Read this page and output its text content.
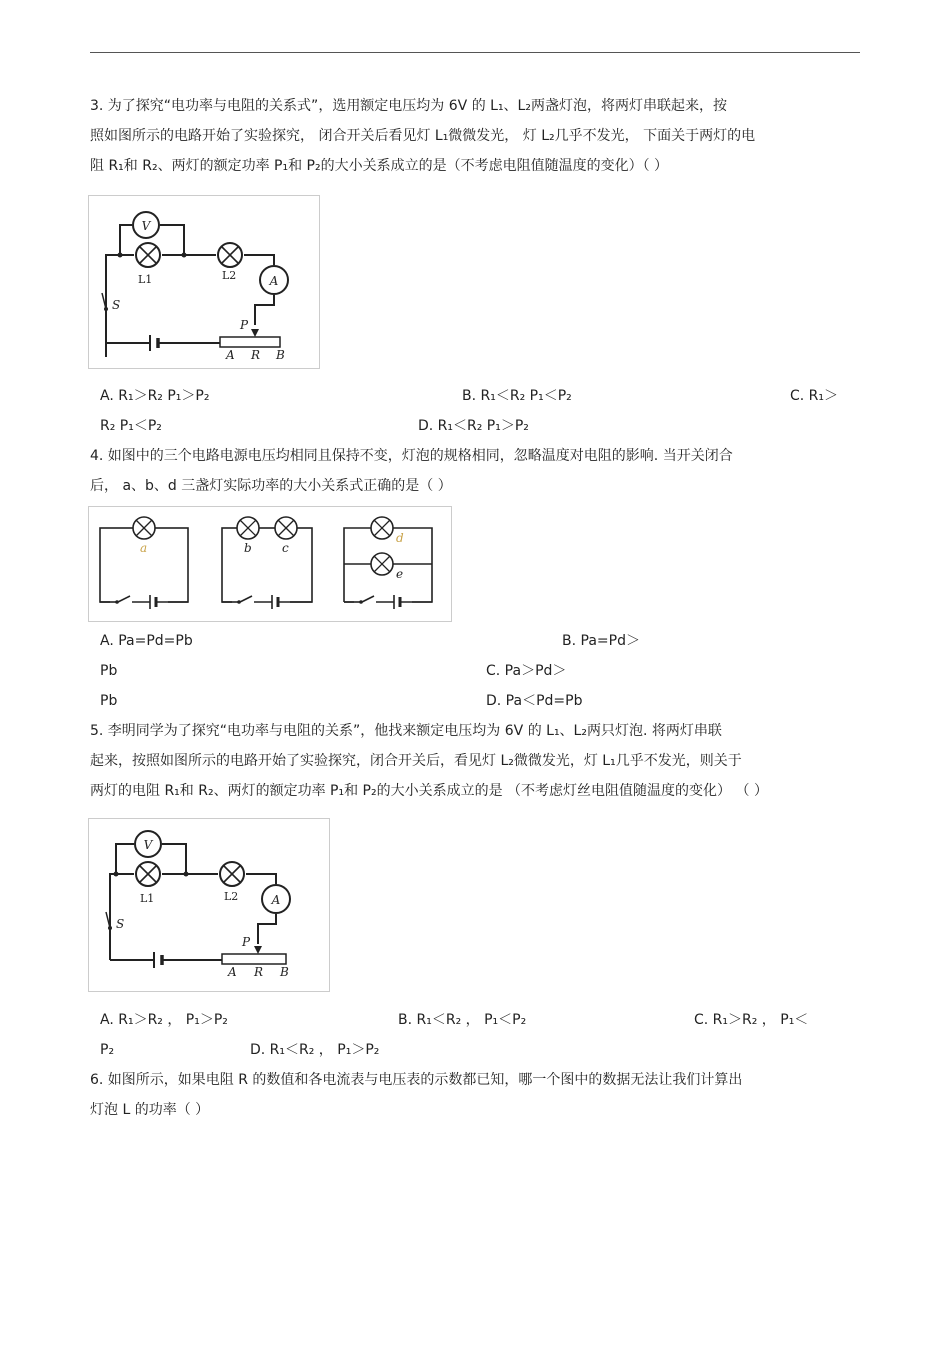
3. 为了探究“电功率与电阻的关系式”，选用额定电压均为 6V 的 L₁、L₂两盏灯泡，将两灯串联起来，按
照如图所示的电路开始了实验探究， 闭合开关后看见灯 L₁微微发光， 灯 L₂几乎不发光， 下面关于两灯的电
阻 R₁和 R₂、两灯的额定功率 P₁和 P₂的大小关系成立的是（不考虑电阻值随温度的变化）（ ）
V
L1	L2	A
S
P
A R B
A. R₁＞R₂ P₁＞P₂	B. R₁＜R₂ P₁＜P₂	C. R₁＞
R₂ P₁＜P₂	D. R₁＜R₂ P₁＞P₂
4. 如图中的三个电路电源电压均相同且保持不变，灯泡的规格相同，忽略温度对电阻的影响. 当开关闭合
后， a、b、d 三盏灯实际功率的大小关系式正确的是（ ）
a	b	c
d
e
A. Pa=Pd=Pb	B. Pa=Pd＞
Pb	C. Pa＞Pd＞
Pb	D. Pa＜Pd=Pb
5. 李明同学为了探究“电功率与电阻的关系”，他找来额定电压均为 6V 的 L₁、L₂两只灯泡. 将两灯串联
起来，按照如图所示的电路开始了实验探究，闭合开关后，看见灯 L₂微微发光，灯 L₁几乎不发光，则关于
两灯的电阻 R₁和 R₂、两灯的额定功率 P₁和 P₂的大小关系成立的是 （不考虑灯丝电阻值随温度的变化） （ ）
V
L1	L2	A
S
P
A R B
A. R₁＞R₂ ， P₁＞P₂	B. R₁＜R₂ ， P₁＜P₂	C. R₁＞R₂ ， P₁＜
P₂	D. R₁＜R₂ ， P₁＞P₂
6. 如图所示，如果电阻 R 的数值和各电流表与电压表的示数都已知，哪一个图中的数据无法让我们计算出
灯泡 L 的功率（ ）
